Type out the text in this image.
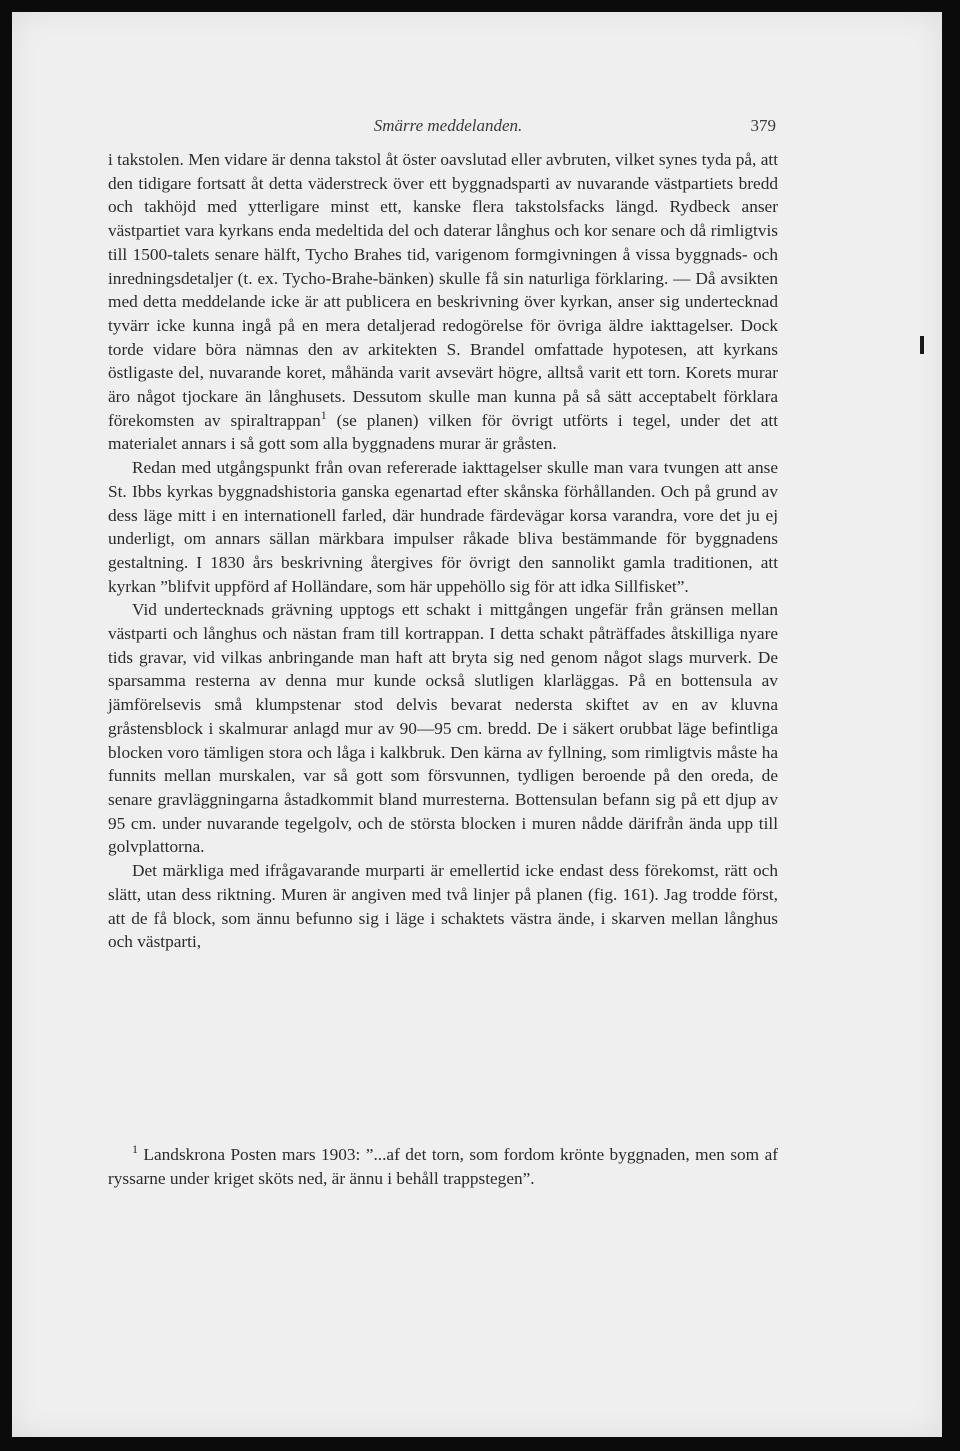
Smärre meddelanden.	379

i takstolen. Men vidare är denna takstol åt öster oavslutad eller avbruten, vilket synes tyda på, att den tidigare fortsatt åt detta väderstreck över ett byggnadsparti av nuvarande västpartiets bredd och takhöjd med ytterligare minst ett, kanske flera takstolsfacks längd. Rydbeck anser västpartiet vara kyrkans enda medeltida del och daterar långhus och kor senare och då rimligtvis till 1500-talets senare hälft, Tycho Brahes tid, varigenom formgivningen å vissa byggnads- och inredningsdetaljer (t. ex. Tycho-Brahe-bänken) skulle få sin naturliga förklaring. — Då avsikten med detta meddelande icke är att publicera en beskrivning över kyrkan, anser sig undertecknad tyvärr icke kunna ingå på en mera detaljerad redogörelse för övriga äldre iakttagelser. Dock torde vidare böra nämnas den av arkitekten S. Brandel omfattade hypotesen, att kyrkans östligaste del, nuvarande koret, måhända varit avsevärt högre, alltså varit ett torn. Korets murar äro något tjockare än långhusets. Dessutom skulle man kunna på så sätt acceptabelt förklara förekomsten av spiraltrappan$^1$ (se planen) vilken för övrigt utförts i tegel, under det att materialet annars i så gott som alla byggnadens murar är gråsten.

Redan med utgångspunkt från ovan refererade iakttagelser skulle man vara tvungen att anse St. Ibbs kyrkas byggnadshistoria ganska egenartad efter skånska förhållanden. Och på grund av dess läge mitt i en internationell farled, där hundrade färdevägar korsa varandra, vore det ju ej underligt, om annars sällan märkbara impulser råkade bliva bestämmande för byggnadens gestaltning. I 1830 års beskrivning återgives för övrigt den sannolikt gamla traditionen, att kyrkan ”blifvit uppförd af Holländare, som här uppehöllo sig för att idka Sillfisket”.

Vid undertecknads grävning upptogs ett schakt i mittgången ungefär från gränsen mellan västparti och långhus och nästan fram till kortrappan. I detta schakt påträffades åtskilliga nyare tids gravar, vid vilkas anbringande man haft att bryta sig ned genom något slags murverk. De sparsamma resterna av denna mur kunde också slutligen klarläggas. På en bottensula av jämförelsevis små klumpstenar stod delvis bevarat nedersta skiftet av en av kluvna gråstensblock i skalmurar anlagd mur av 90—95 cm. bredd. De i säkert orubbat läge befintliga blocken voro tämligen stora och låga i kalkbruk. Den kärna av fyllning, som rimligtvis måste ha funnits mellan murskalen, var så gott som försvunnen, tydligen beroende på den oreda, de senare gravläggningarna åstadkommit bland murresterna. Bottensulan befann sig på ett djup av 95 cm. under nuvarande tegelgolv, och de största blocken i muren nådde därifrån ända upp till golvplattorna.

Det märkliga med ifrågavarande murparti är emellertid icke endast dess förekomst, rätt och slätt, utan dess riktning. Muren är angiven med två linjer på planen (fig. 161). Jag trodde först, att de få block, som ännu befunno sig i läge i schaktets västra ände, i skarven mellan långhus och västparti,

$^1$ Landskrona Posten mars 1903: ”...af det torn, som fordom krönte byggnaden, men som af ryssarne under kriget sköts ned, är ännu i behåll trappstegen”.
